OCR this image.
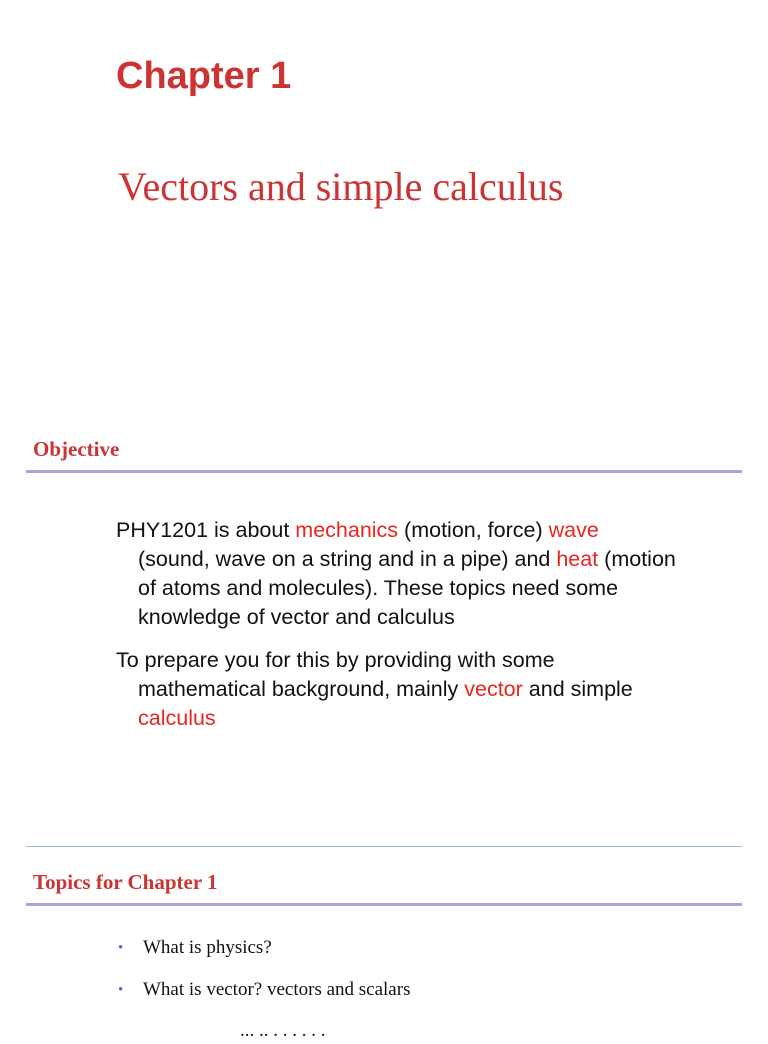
Chapter 1
Vectors and simple calculus
Objective

PHY1201 is about mechanics (motion, force) wave (sound, wave on a string and in a pipe) and heat (motion of atoms and molecules). These topics need some knowledge of vector and calculus

To prepare you for this by providing with some mathematical background, mainly vector and simple calculus

Topics for Chapter 1
• What is physics?
• What is vector? vectors and scalars
... .. . . . . . .
